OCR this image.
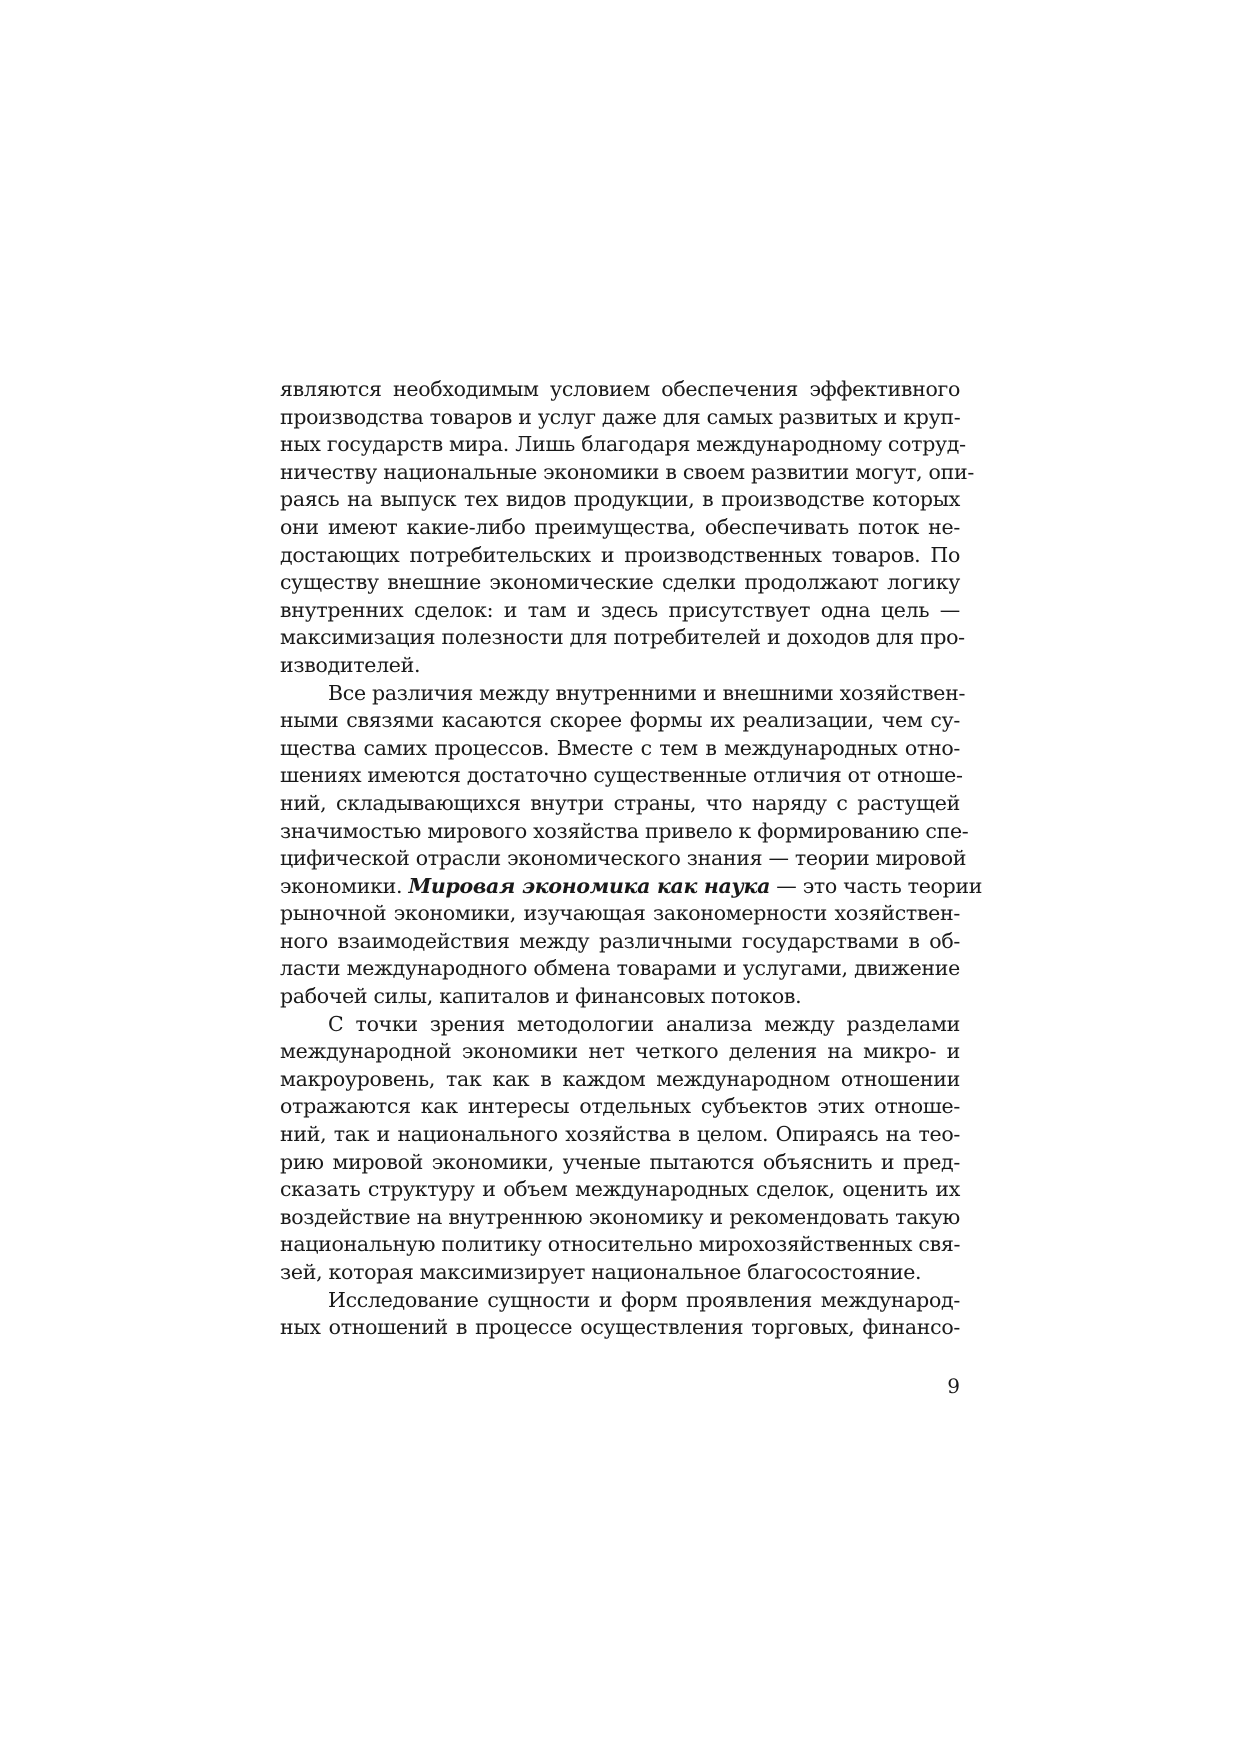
являются необходимым условием обеспечения эффективного
производства товаров и услуг даже для самых развитых и круп-
ных государств мира. Лишь благодаря международному сотруд-
ничеству национальные экономики в своем развитии могут, опи-
раясь на выпуск тех видов продукции, в производстве которых
они имеют какие-либо преимущества, обеспечивать поток не-
достающих потребительских и производственных товаров. По
существу внешние экономические сделки продолжают логику
внутренних сделок: и там и здесь присутствует одна цель —
максимизация полезности для потребителей и доходов для про-
изводителей.
Все различия между внутренними и внешними хозяйствен-
ными связями касаются скорее формы их реализации, чем су-
щества самих процессов. Вместе с тем в международных отно-
шениях имеются достаточно существенные отличия от отноше-
ний, складывающихся внутри страны, что наряду с растущей
значимостью мирового хозяйства привело к формированию спе-
цифической отрасли экономического знания — теории мировой
экономики. Мировая экономика как наука — это часть теории
рыночной экономики, изучающая закономерности хозяйствен-
ного взаимодействия между различными государствами в об-
ласти международного обмена товарами и услугами, движение
рабочей силы, капиталов и финансовых потоков.
С точки зрения методологии анализа между разделами
международной экономики нет четкого деления на микро- и
макроуровень, так как в каждом международном отношении
отражаются как интересы отдельных субъектов этих отноше-
ний, так и национального хозяйства в целом. Опираясь на тео-
рию мировой экономики, ученые пытаются объяснить и пред-
сказать структуру и объем международных сделок, оценить их
воздействие на внутреннюю экономику и рекомендовать такую
национальную политику относительно мирохозяйственных свя-
зей, которая максимизирует национальное благосостояние.
Исследование сущности и форм проявления международ-
ных отношений в процессе осуществления торговых, финансо-
9
